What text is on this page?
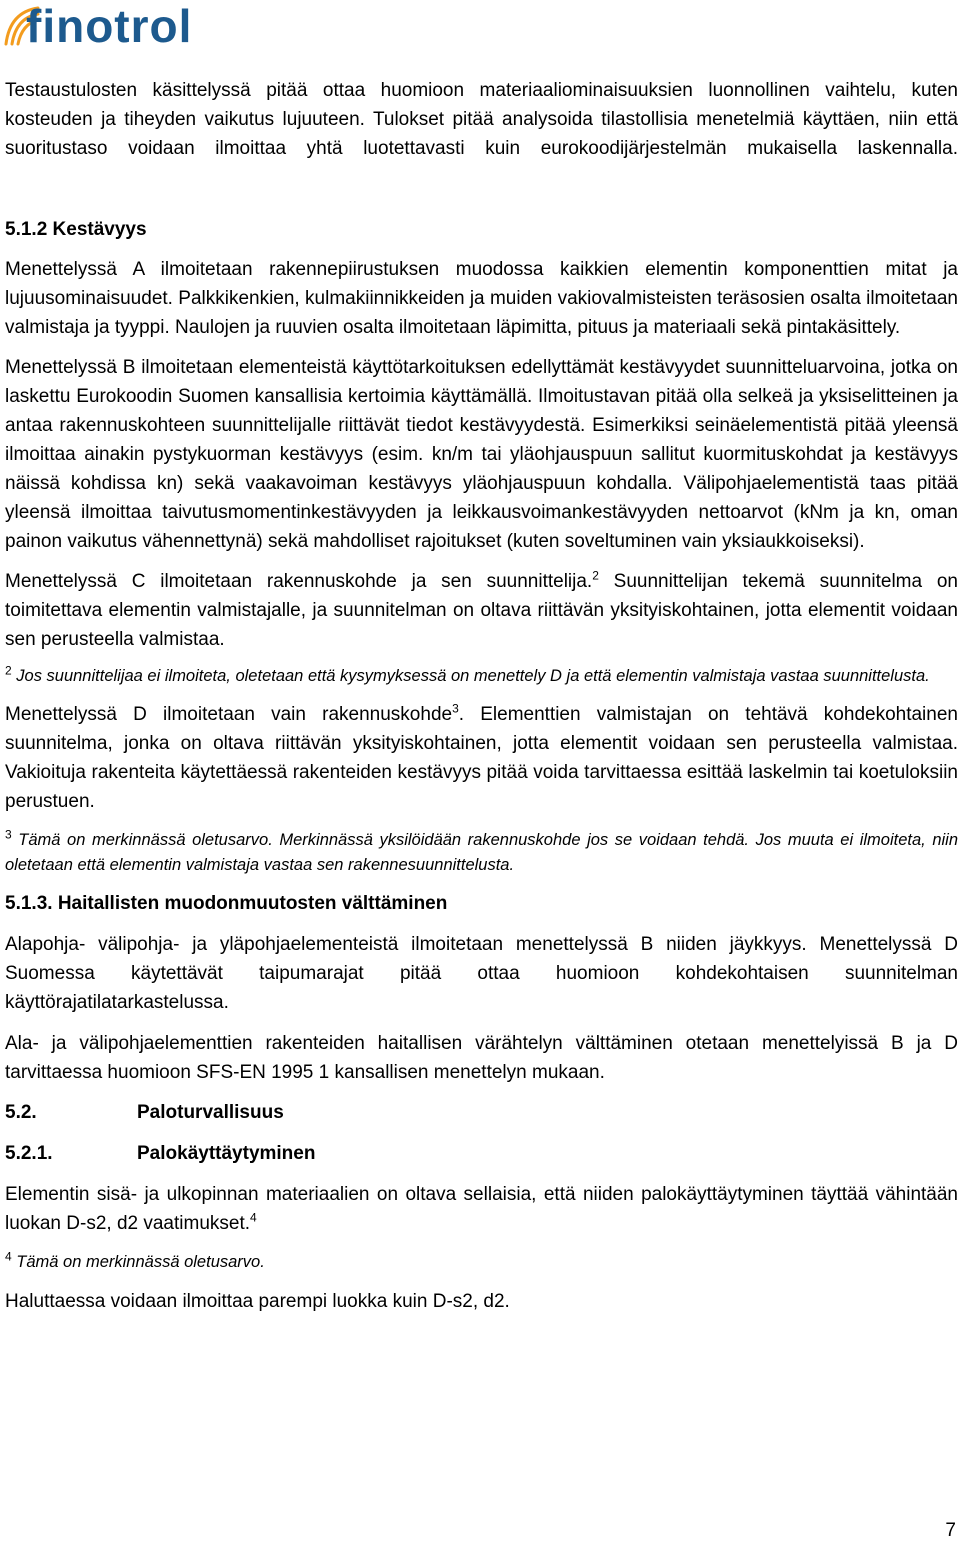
finotrol

Testaustulosten käsittelyssä pitää ottaa huomioon materiaaliominaisuuksien luonnollinen vaihtelu, kuten kosteuden ja tiheyden vaikutus lujuuteen. Tulokset pitää analysoida tilastollisia menetelmiä käyttäen, niin että suoritustaso voidaan ilmoittaa yhtä luotettavasti kuin eurokoodijärjestelmän mukaisella laskennalla.

5.1.2 Kestävyys

Menettelyssä A ilmoitetaan rakennepiirustuksen muodossa kaikkien elementin komponenttien mitat ja lujuusominaisuudet. Palkkikenkien, kulmakiinnikkeiden ja muiden vakiovalmisteisten teräsosien osalta ilmoitetaan valmistaja ja tyyppi. Naulojen ja ruuvien osalta ilmoitetaan läpimitta, pituus ja materiaali sekä pintakäsittely.

Menettelyssä B ilmoitetaan elementeistä käyttötarkoituksen edellyttämät kestävyydet suunnitteluarvoina, jotka on laskettu Eurokoodin Suomen kansallisia kertoimia käyttämällä. Ilmoitustavan pitää olla selkeä ja yksiselitteinen ja antaa rakennuskohteen suunnittelijalle riittävät tiedot kestävyydestä. Esimerkiksi seinäelementistä pitää yleensä ilmoittaa ainakin pystykuorman kestävyys (esim. kn/m tai yläohjauspuun sallitut kuormituskohdat ja kestävyys näissä kohdissa kn) sekä vaakavoiman kestävyys yläohjauspuun kohdalla. Välipohjaelementistä taas pitää yleensä ilmoittaa taivutusmomentinkestävyyden ja leikkausvoimankestävyyden nettoarvot (kNm ja kn, oman painon vaikutus vähennettynä) sekä mahdolliset rajoitukset (kuten soveltuminen vain yksiaukkoiseksi).

Menettelyssä C ilmoitetaan rakennuskohde ja sen suunnittelija.$^2$ Suunnittelijan tekemä suunnitelma on toimitettava elementin valmistajalle, ja suunnitelman on oltava riittävän yksityiskohtainen, jotta elementit voidaan sen perusteella valmistaa.

$^2$ Jos suunnittelijaa ei ilmoiteta, oletetaan että kysymyksessä on menettely D ja että elementin valmistaja vastaa suunnittelusta.

Menettelyssä D ilmoitetaan vain rakennuskohde$^3$. Elementtien valmistajan on tehtävä kohdekohtainen suunnitelma, jonka on oltava riittävän yksityiskohtainen, jotta elementit voidaan sen perusteella valmistaa. Vakioituja rakenteita käytettäessä rakenteiden kestävyys pitää voida tarvittaessa esittää laskelmin tai koetuloksiin perustuen.

$^3$ Tämä on merkinnässä oletusarvo. Merkinnässä yksilöidään rakennuskohde jos se voidaan tehdä. Jos muuta ei ilmoiteta, niin oletetaan että elementin valmistaja vastaa sen rakennesuunnittelusta.

5.1.3. Haitallisten muodonmuutosten välttäminen

Alapohja- välipohja- ja yläpohjaelementeistä ilmoitetaan menettelyssä B niiden jäykkyys. Menettelyssä D Suomessa käytettävät taipumarajat pitää ottaa huomioon kohdekohtaisen suunnitelman käyttörajatilatarkastelussa.

Ala- ja välipohjaelementtien rakenteiden haitallisen värähtelyn välttäminen otetaan menettelyissä B ja D tarvittaessa huomioon SFS-EN 1995 1 kansallisen menettelyn mukaan.

5.2.	Paloturvallisuus
5.2.1.	Palokäyttäytyminen

Elementin sisä- ja ulkopinnan materiaalien on oltava sellaisia, että niiden palokäyttäytyminen täyttää vähintään luokan D-s2, d2 vaatimukset.$^4$

$^4$ Tämä on merkinnässä oletusarvo.

Haluttaessa voidaan ilmoittaa parempi luokka kuin D-s2, d2.

7
